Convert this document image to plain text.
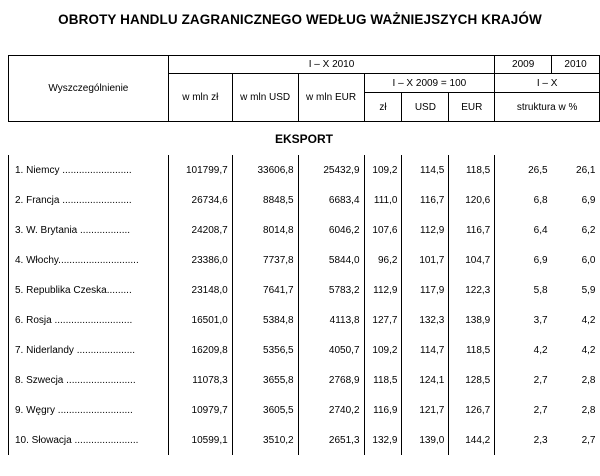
OBROTY HANDLU ZAGRANICZNEGO WEDŁUG WAŻNIEJSZYCH KRAJÓW
Wyszczególnienie	I – X 2010						2009	2010
	w mln zł	w mln USD	w mln EUR	I – X 2009 = 100			I – X	
				zł	USD	EUR	struktura w %	
EKSPORT								
1. Niemcy .........................	101799,7	33606,8	25432,9	109,2	114,5	118,5	26,5	26,1
2. Francja .........................	26734,6	8848,5	6683,4	111,0	116,7	120,6	6,8	6,9
3. W. Brytania ..................	24208,7	8014,8	6046,2	107,6	112,9	116,7	6,4	6,2
4. Włochy.............................	23386,0	7737,8	5844,0	96,2	101,7	104,7	6,9	6,0
5. Republika Czeska.........	23148,0	7641,7	5783,2	112,9	117,9	122,3	5,8	5,9
6. Rosja ............................	16501,0	5384,8	4113,8	127,7	132,3	138,9	3,7	4,2
7. Niderlandy .....................	16209,8	5356,5	4050,7	109,2	114,7	118,5	4,2	4,2
8. Szwecja .........................	11078,3	3655,8	2768,9	118,5	124,1	128,5	2,7	2,8
9. Węgry ...........................	10979,7	3605,5	2740,2	116,9	121,7	126,7	2,7	2,8
10. Słowacja .......................	10599,1	3510,2	2651,3	132,9	139,0	144,2	2,3	2,7
